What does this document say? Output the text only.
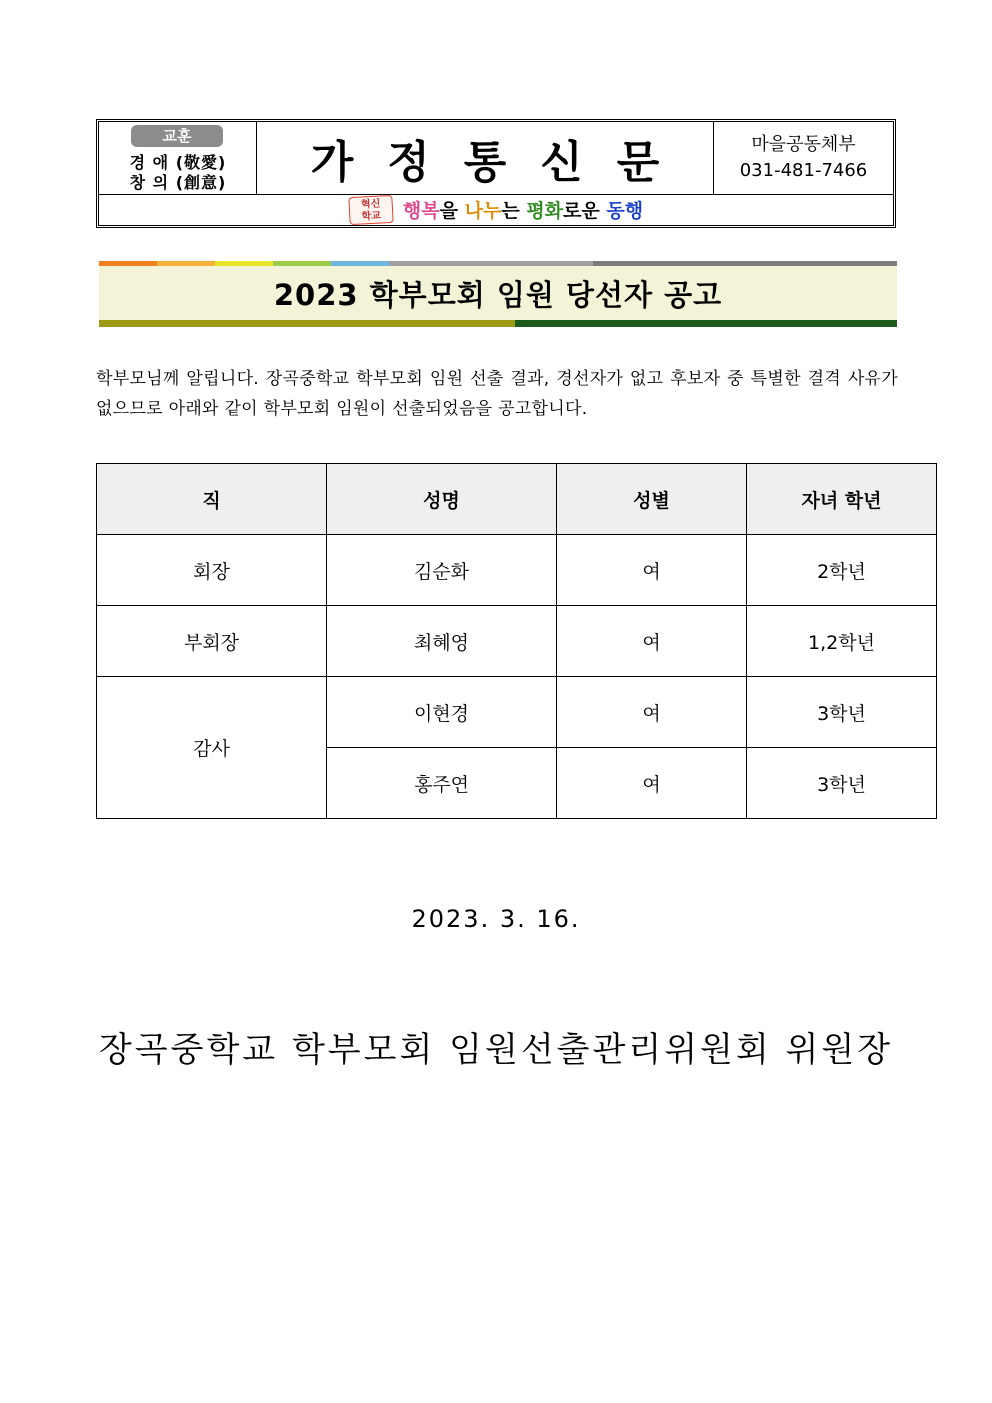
교훈
경 애 (敬愛)
창 의 (創意)	가정통신문	마을공동체부
031-481-7466
혁신
학교	행복을 나누는 평화로운 동행
2023 학부모회 임원 당선자 공고
학부모님께 알립니다. 장곡중학교 학부모회 임원 선출 결과, 경선자가 없고 후보자 중 특별한 결격 사유가 없으므로 아래와 같이 학부모회 임원이 선출되었음을 공고합니다.
직	성명	성별	자녀 학년
회장	김순화	여	2학년
부회장	최혜영	여	1,2학년
감사	이현경	여	3학년
	홍주연	여	3학년
2023. 3. 16.
장곡중학교 학부모회 임원선출관리위원회 위원장
